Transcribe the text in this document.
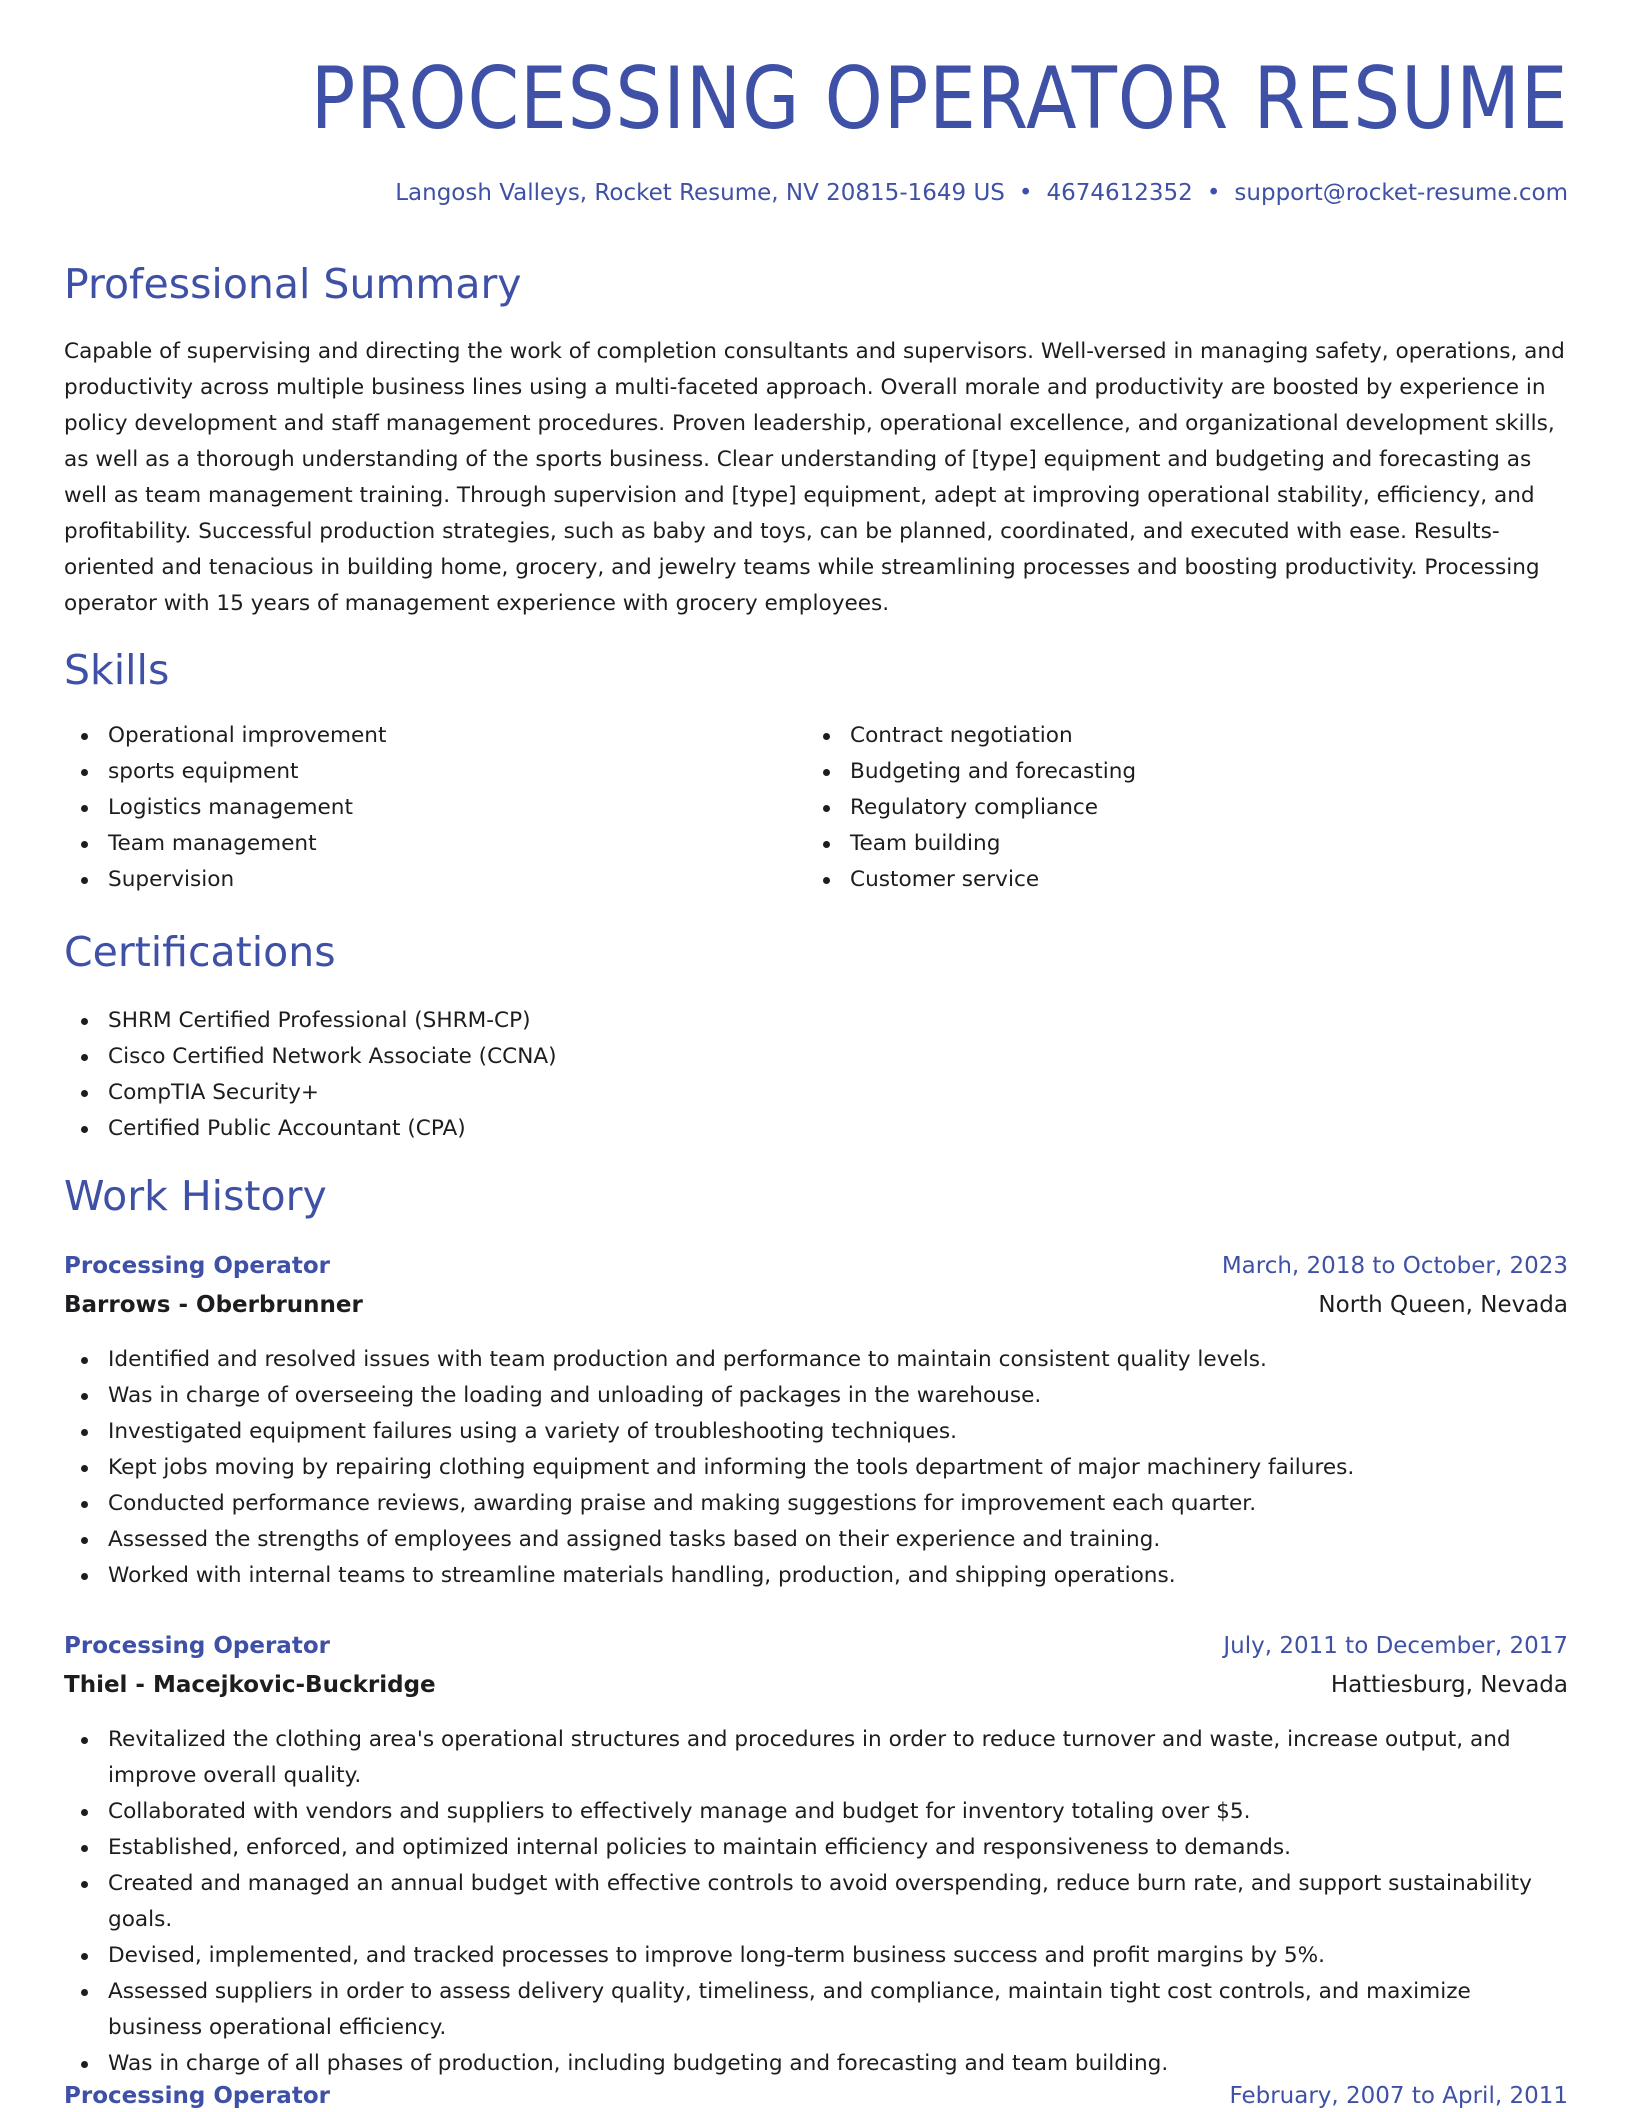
PROCESSING OPERATOR RESUME
Langosh Valleys, Rocket Resume, NV 20815-1649 US • 4674612352 • support@rocket-resume.com
Professional Summary

Capable of supervising and directing the work of completion consultants and supervisors. Well-versed in managing safety, operations, and productivity across multiple business lines using a multi-faceted approach. Overall morale and productivity are boosted by experience in policy development and staff management procedures. Proven leadership, operational excellence, and organizational development skills, as well as a thorough understanding of the sports business. Clear understanding of [type] equipment and budgeting and forecasting as well as team management training. Through supervision and [type] equipment, adept at improving operational stability, efficiency, and profitability. Successful production strategies, such as baby and toys, can be planned, coordinated, and executed with ease. Results-oriented and tenacious in building home, grocery, and jewelry teams while streamlining processes and boosting productivity. Processing operator with 15 years of management experience with grocery employees.

Skills
Operational improvement
sports equipment
Logistics management
Team management
Supervision
Contract negotiation
Budgeting and forecasting
Regulatory compliance
Team building
Customer service
Certifications
SHRM Certified Professional (SHRM-CP)
Cisco Certified Network Associate (CCNA)
CompTIA Security+
Certified Public Accountant (CPA)
Work History
Processing Operator	March, 2018 to October, 2023
Barrows - Oberbrunner	North Queen, Nevada
Identified and resolved issues with team production and performance to maintain consistent quality levels.
Was in charge of overseeing the loading and unloading of packages in the warehouse.
Investigated equipment failures using a variety of troubleshooting techniques.
Kept jobs moving by repairing clothing equipment and informing the tools department of major machinery failures.
Conducted performance reviews, awarding praise and making suggestions for improvement each quarter.
Assessed the strengths of employees and assigned tasks based on their experience and training.
Worked with internal teams to streamline materials handling, production, and shipping operations.
Processing Operator	July, 2011 to December, 2017
Thiel - Macejkovic-Buckridge	Hattiesburg, Nevada
Revitalized the clothing area's operational structures and procedures in order to reduce turnover and waste, increase output, and improve overall quality.
Collaborated with vendors and suppliers to effectively manage and budget for inventory totaling over $5.
Established, enforced, and optimized internal policies to maintain efficiency and responsiveness to demands.
Created and managed an annual budget with effective controls to avoid overspending, reduce burn rate, and support sustainability goals.
Devised, implemented, and tracked processes to improve long-term business success and profit margins by 5%.
Assessed suppliers in order to assess delivery quality, timeliness, and compliance, maintain tight cost controls, and maximize business operational efficiency.
Was in charge of all phases of production, including budgeting and forecasting and team building.
Processing Operator	February, 2007 to April, 2011
